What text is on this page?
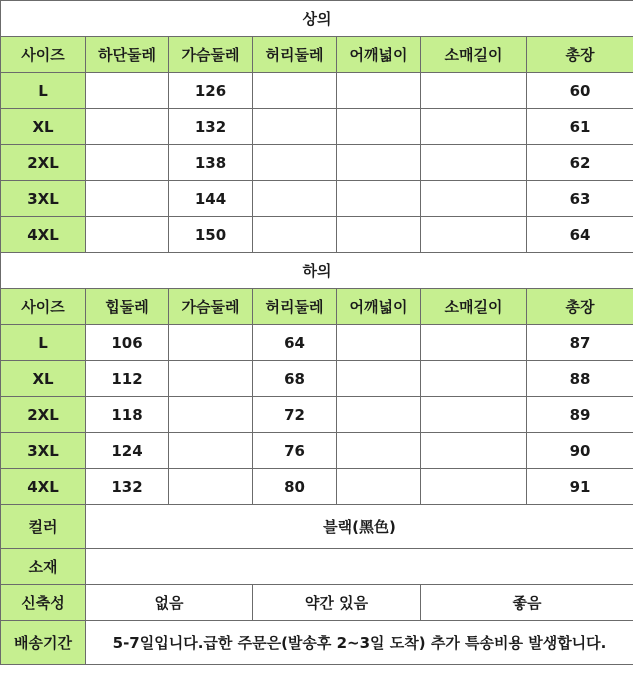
상의						
사이즈	하단둘레	가슴둘레	허리둘레	어깨넓이	소매길이	총장
L		126				60
XL		132				61
2XL		138				62
3XL		144				63
4XL		150				64
하의						
사이즈	힙둘레	가슴둘레	허리둘레	어깨넓이	소매길이	총장
L	106		64			87
XL	112		68			88
2XL	118		72			89
3XL	124		76			90
4XL	132		80			91
컬러	블랙(黑色)					
소재						
신축성	없음		약간 있음		좋음	
배송기간	5-7일입니다.급한 주문은(발송후 2~3일 도착) 추가 특송비용 발생합니다.					
